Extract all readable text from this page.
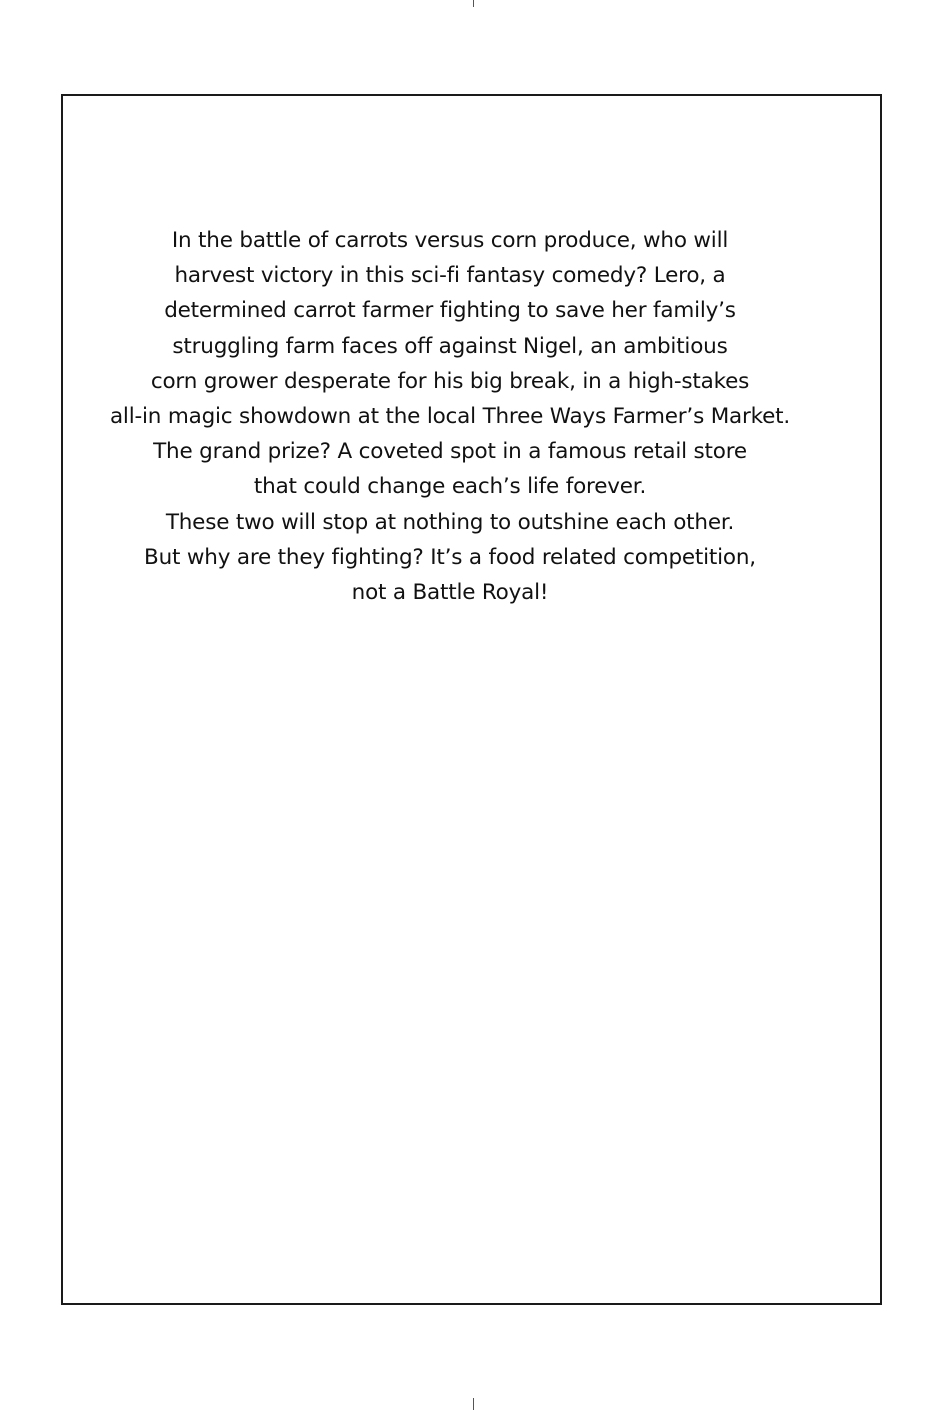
In the battle of carrots versus corn produce, who will
harvest victory in this sci-fi fantasy comedy? Lero, a
determined carrot farmer fighting to save her family’s
struggling farm faces off against Nigel, an ambitious
corn grower desperate for his big break, in a high-stakes
all-in magic showdown at the local Three Ways Farmer’s Market.
The grand prize? A coveted spot in a famous retail store
that could change each’s life forever.
These two will stop at nothing to outshine each other.
But why are they fighting? It’s a food related competition,
not a Battle Royal!
